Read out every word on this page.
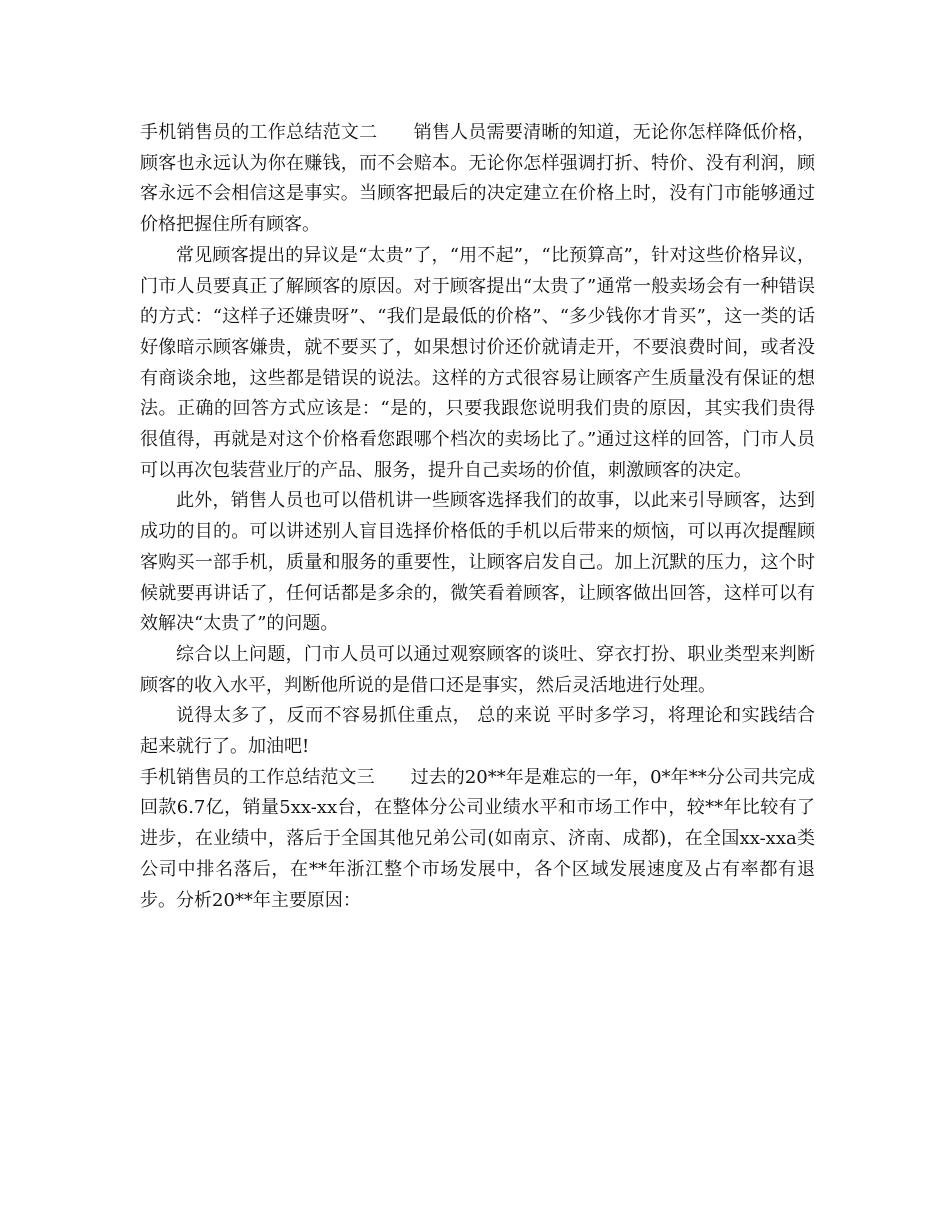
手机销售员的工作总结范文二 销售人员需要清晰的知道，无论你怎样降低价格，顾客也永远认为你在赚钱，而不会赔本。无论你怎样强调打折、特价、没有利润，顾客永远不会相信这是事实。当顾客把最后的决定建立在价格上时，没有门市能够通过价格把握住所有顾客。

常见顾客提出的异议是“太贵”了，“用不起”，“比预算高”，针对这些价格异议，门市人员要真正了解顾客的原因。对于顾客提出“太贵了”通常一般卖场会有一种错误的方式：“这样子还嫌贵呀”、“我们是最低的价格”、“多少钱你才肯买”，这一类的话好像暗示顾客嫌贵，就不要买了，如果想讨价还价就请走开，不要浪费时间，或者没有商谈余地，这些都是错误的说法。这样的方式很容易让顾客产生质量没有保证的想法。正确的回答方式应该是：“是的，只要我跟您说明我们贵的原因，其实我们贵得很值得，再就是对这个价格看您跟哪个档次的卖场比了。”通过这样的回答，门市人员可以再次包装营业厅的产品、服务，提升自己卖场的价值，刺激顾客的决定。

此外，销售人员也可以借机讲一些顾客选择我们的故事，以此来引导顾客，达到成功的目的。可以讲述别人盲目选择价格低的手机以后带来的烦恼，可以再次提醒顾客购买一部手机，质量和服务的重要性，让顾客启发自己。加上沉默的压力，这个时候就要再讲话了，任何话都是多余的，微笑看着顾客，让顾客做出回答，这样可以有效解决“太贵了”的问题。

综合以上问题，门市人员可以通过观察顾客的谈吐、穿衣打扮、职业类型来判断顾客的收入水平，判断他所说的是借口还是事实，然后灵活地进行处理。

说得太多了，反而不容易抓住重点， 总的来说 平时多学习，将理论和实践结合起来就行了。加油吧!

手机销售员的工作总结范文三 过去的20**年是难忘的一年，0*年**分公司共完成回款6.7亿，销量5xx-xx台，在整体分公司业绩水平和市场工作中，较**年比较有了进步，在业绩中，落后于全国其他兄弟公司(如南京、济南、成都)，在全国xx-xxa类公司中排名落后，在**年浙江整个市场发展中，各个区域发展速度及占有率都有退步。分析20**年主要原因：
